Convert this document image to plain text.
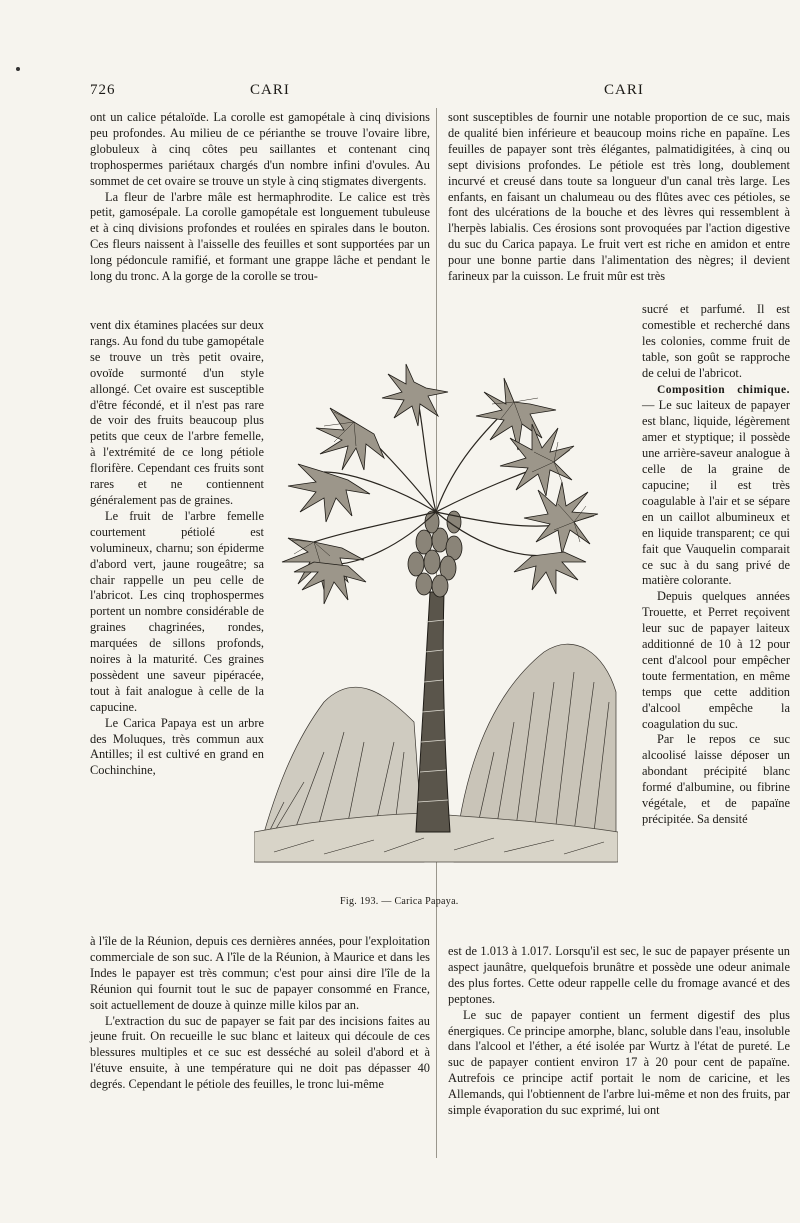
726	CARI	CARI

ont un calice pétaloïde. La corolle est gamopétale à cinq divisions peu profondes. Au milieu de ce périanthe se trouve l'ovaire libre, globuleux à cinq côtes peu saillantes et contenant cinq trophospermes pariétaux chargés d'un nombre infini d'ovules. Au sommet de cet ovaire se trouve un style à cinq stigmates divergents.

La fleur de l'arbre mâle est hermaphrodite. Le calice est très petit, gamosépale. La corolle gamopétale est longuement tubuleuse et à cinq divisions profondes et roulées en spirales dans le bouton. Ces fleurs naissent à l'aisselle des feuilles et sont supportées par un long pédoncule ramifié, et formant une grappe lâche et pendant le long du tronc. A la gorge de la corolle se trou-

vent dix étamines placées sur deux rangs. Au fond du tube gamopétale se trouve un très petit ovaire, ovoïde surmonté d'un style allongé. Cet ovaire est susceptible d'être fécondé, et il n'est pas rare de voir des fruits beaucoup plus petits que ceux de l'arbre femelle, à l'extrémité de ce long pétiole florifère. Cependant ces fruits sont rares et ne contiennent généralement pas de graines.

Le fruit de l'arbre femelle courtement pétiolé est volumineux, charnu; son épiderme d'abord vert, jaune rougeâtre; sa chair rappelle un peu celle de l'abricot. Les cinq trophospermes portent un nombre considérable de graines chagrinées, rondes, marquées de sillons profonds, noires à la maturité. Ces graines possèdent une saveur pipéracée, tout à fait analogue à celle de la capucine.

Le Carica Papaya est un arbre des Moluques, très commun aux Antilles; il est cultivé en grand en Cochinchine,

à l'île de la Réunion, depuis ces dernières années, pour l'exploitation commerciale de son suc. A l'île de la Réunion, à Maurice et dans les Indes le papayer est très commun; c'est pour ainsi dire l'île de la Réunion qui fournit tout le suc de papayer consommé en France, soit actuellement de douze à quinze mille kilos par an.

L'extraction du suc de papayer se fait par des incisions faites au jeune fruit. On recueille le suc blanc et laiteux qui découle de ces blessures multiples et ce suc est desséché au soleil d'abord et à l'étuve ensuite, à une température qui ne doit pas dépasser 40 degrés. Cependant le pétiole des feuilles, le tronc lui-même

sont susceptibles de fournir une notable proportion de ce suc, mais de qualité bien inférieure et beaucoup moins riche en papaïne. Les feuilles de papayer sont très élégantes, palmatidigitées, à cinq ou sept divisions profondes. Le pétiole est très long, doublement incurvé et creusé dans toute sa longueur d'un canal très large. Les enfants, en faisant un chalumeau ou des flûtes avec ces pétioles, se font des ulcérations de la bouche et des lèvres qui ressemblent à l'herpès labialis. Ces érosions sont provoquées par l'action digestive du suc du Carica papaya. Le fruit vert est riche en amidon et entre pour une bonne partie dans l'alimentation des nègres; il devient farineux par la cuisson. Le fruit mûr est très

sucré et parfumé. Il est comestible et recherché dans les colonies, comme fruit de table, son goût se rapproche de celui de l'abricot.

Composition chimique. — Le suc laiteux de papayer est blanc, liquide, légèrement amer et styptique; il possède une arrière-saveur analogue à celle de la graine de capucine; il est très coagulable à l'air et se sépare en un caillot albumineux et en liquide transparent; ce qui fait que Vauquelin comparait ce suc à du sang privé de matière colorante.

Depuis quelques années Trouette, et Perret reçoivent leur suc de papayer laiteux additionné de 10 à 12 pour cent d'alcool pour empêcher toute fermentation, en même temps que cette addition d'alcool empêche la coagulation du suc.

Par le repos ce suc alcoolisé laisse déposer un abondant précipité blanc formé d'albumine, ou fibrine végétale, et de papaïne précipitée. Sa densité

est de 1.013 à 1.017. Lorsqu'il est sec, le suc de papayer présente un aspect jaunâtre, quelquefois brunâtre et possède une odeur animale des plus fortes. Cette odeur rappelle celle du fromage avancé et des peptones.

Le suc de papayer contient un ferment digestif des plus énergiques. Ce principe amorphe, blanc, soluble dans l'eau, insoluble dans l'alcool et l'éther, a été isolée par Wurtz à l'état de pureté. Le suc de papayer contient environ 17 à 20 pour cent de papaïne. Autrefois ce principe actif portait le nom de caricine, et les Allemands, qui l'obtiennent de l'arbre lui-même et non des fruits, par simple évaporation du suc exprimé, lui ont

Fig. 193. — Carica Papaya.
